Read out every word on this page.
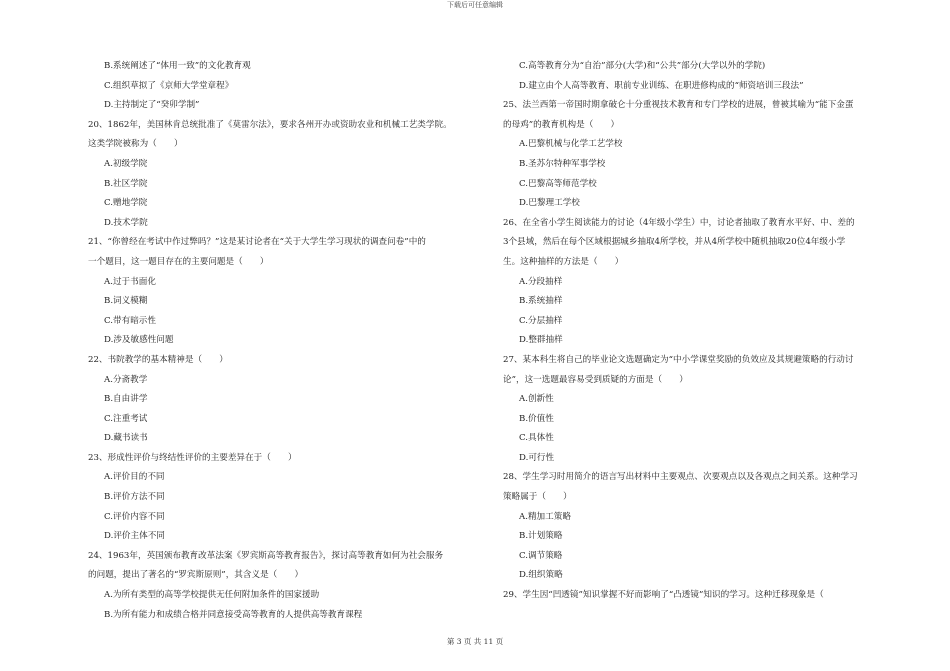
下载后可任意编辑
B.系统阐述了“体用一致”的文化教育观
C.组织草拟了《京师大学堂章程》
D.主持制定了“癸卯学制”
20、1862年，美国林肯总统批准了《莫雷尔法》，要求各州开办或资助农业和机械工艺类学院。
这类学院被称为（　　）
A.初级学院
B.社区学院
C.赠地学院
D.技术学院
21、“你曾经在考试中作过弊吗？”这是某讨论者在“关于大学生学习现状的调查问卷”中的
一个题目，这一题目存在的主要问题是（　　）
A.过于书面化
B.词义模糊
C.带有暗示性
D.涉及敏感性问题
22、书院教学的基本精神是（　　）
A.分斋教学
B.自由讲学
C.注重考试
D.藏书读书
23、形成性评价与终结性评价的主要差异在于（　　）
A.评价目的不同
B.评价方法不同
C.评价内容不同
D.评价主体不同
24、1963年，英国颁布教育改革法案《罗宾斯高等教育报告》，探讨高等教育如何为社会服务
的问题，提出了著名的“罗宾斯原则”，其含义是（　　）
A.为所有类型的高等学校提供无任何附加条件的国家援助
B.为所有能力和成绩合格并同意接受高等教育的人提供高等教育课程
C.高等教育分为“自治”部分(大学)和“公共”部分(大学以外的学院)
D.建立由个人高等教育、职前专业训练、在职进修构成的“师资培训三段法”
25、法兰西第一帝国时期拿破仑十分重视技术教育和专门学校的进展，曾被其喻为“能下金蛋
的母鸡”的教育机构是（　　）
A.巴黎机械与化学工艺学校
B.圣苏尔特种军事学校
C.巴黎高等师范学校
D.巴黎理工学校
26、在全省小学生阅读能力的讨论（4年级小学生）中，讨论者抽取了教育水平好、中、差的
3个县域，然后在每个区域根据城乡抽取4所学校，并从4所学校中随机抽取20位4年级小学
生。这种抽样的方法是（　　）
A.分段抽样
B.系统抽样
C.分层抽样
D.整群抽样
27、某本科生将自己的毕业论文选题确定为“中小学课堂奖励的负效应及其规避策略的行动讨
论”，这一选题最容易受到质疑的方面是（　　）
A.创新性
B.价值性
C.具体性
D.可行性
28、学生学习时用简介的语言写出材料中主要观点、次要观点以及各观点之间关系。这种学习
策略属于（　　）
A.精加工策略
B.计划策略
C.调节策略
D.组织策略
29、学生因“凹透镜”知识掌握不好而影响了“凸透镜”知识的学习。这种迁移现象是（
第 3 页 共 11 页
